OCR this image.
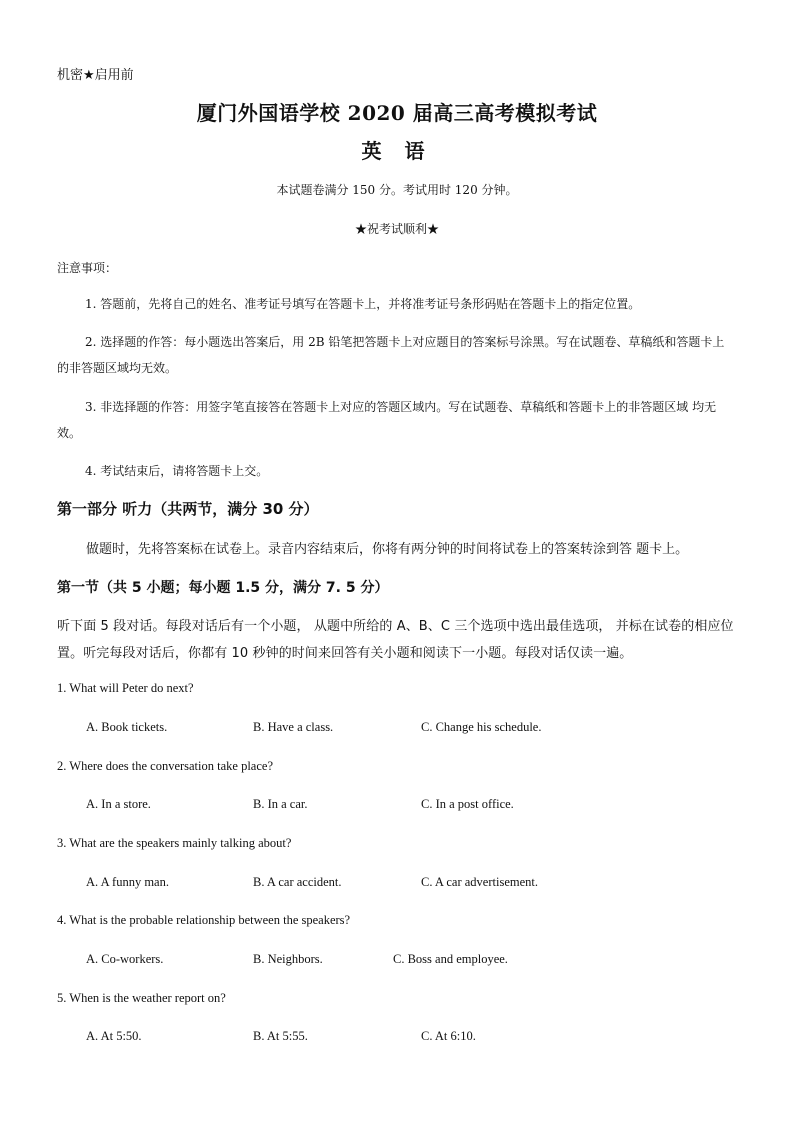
机密★启用前
厦门外国语学校 2020 届高三高考模拟考试
英 语
本试题卷满分 150 分。考试用时 120 分钟。
★祝考试顺利★
注意事项：
1. 答题前，先将自己的姓名、准考证号填写在答题卡上，并将准考证号条形码贴在答题卡上的指定位置。
2. 选择题的作答：每小题选出答案后，用 2B 铅笔把答题卡上对应题目的答案标号涂黑。写在试题卷、草稿纸和答题卡上 的非答题区域均无效。
3. 非选择题的作答：用签字笔直接答在答题卡上对应的答题区域内。写在试题卷、草稿纸和答题卡上的非答题区域 均无效。
4. 考试结束后，请将答题卡上交。
第一部分 听力（共两节，满分 30 分）
做题时，先将答案标在试卷上。录音内容结束后，你将有两分钟的时间将试卷上的答案转涂到答 题卡上。
第一节（共 5 小题；每小题 1.5 分，满分 7. 5 分）
听下面 5 段对话。每段对话后有一个小题， 从题中所给的 A、B、C 三个选项中选出最佳选项， 并标在试卷的相应位置。听完每段对话后，你都有 10 秒钟的时间来回答有关小题和阅读下一小题。每段对话仅读一遍。
1. What will Peter do next?
A. Book tickets.	B. Have a class.	C. Change his schedule.
2. Where does the conversation take place?
A. In a store.	B. In a car.	C. In a post office.
3. What are the speakers mainly talking about?
A. A funny man.	B. A car accident.	C. A car advertisement.
4. What is the probable relationship between the speakers?
A. Co-workers.	B. Neighbors.	C. Boss and employee.
5. When is the weather report on?
A. At 5:50.	B. At 5:55.	C. At 6:10.
